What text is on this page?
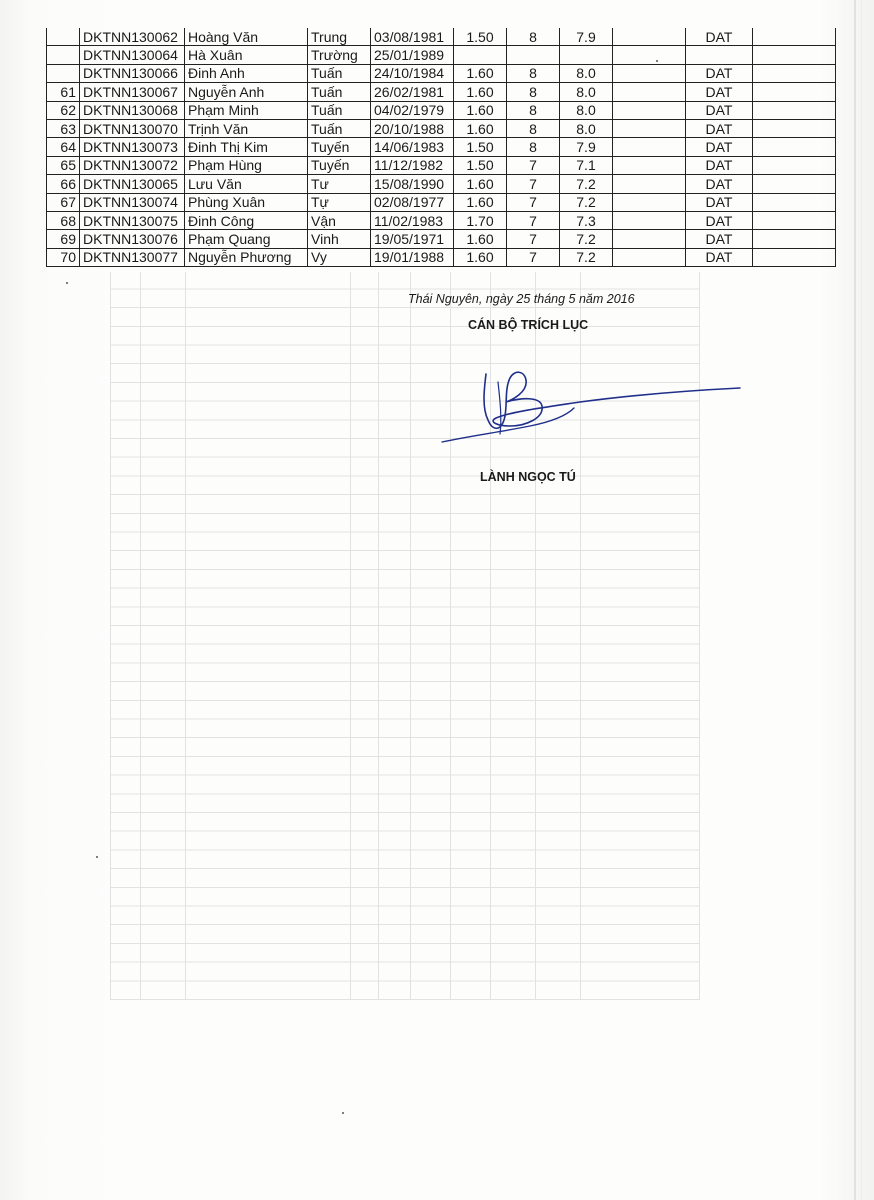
	DKTNN130062	Hoàng Văn	Trung	03/08/1981	1.50	8	7.9		DAT	
	DKTNN130064	Hà Xuân	Trường	25/01/1989						
	DKTNN130066	Đinh Anh	Tuấn	24/10/1984	1.60	8	8.0		DAT	
61	DKTNN130067	Nguyễn Anh	Tuấn	26/02/1981	1.60	8	8.0		DAT	
62	DKTNN130068	Phạm Minh	Tuấn	04/02/1979	1.60	8	8.0		DAT	
63	DKTNN130070	Trịnh Văn	Tuấn	20/10/1988	1.60	8	8.0		DAT	
64	DKTNN130073	Đinh Thị Kim	Tuyến	14/06/1983	1.50	8	7.9		DAT	
65	DKTNN130072	Phạm Hùng	Tuyến	11/12/1982	1.50	7	7.1		DAT	
66	DKTNN130065	Lưu Văn	Tư	15/08/1990	1.60	7	7.2		DAT	
67	DKTNN130074	Phùng Xuân	Tự	02/08/1977	1.60	7	7.2		DAT	
68	DKTNN130075	Đinh Công	Vận	11/02/1983	1.70	7	7.3		DAT	
69	DKTNN130076	Phạm Quang	Vinh	19/05/1971	1.60	7	7.2		DAT	
70	DKTNN130077	Nguyễn Phương	Vy	19/01/1988	1.60	7	7.2		DAT	
Thái Nguyên, ngày 25 tháng 5 năm 2016
CÁN BỘ TRÍCH LỤC
LÀNH NGỌC TÚ
